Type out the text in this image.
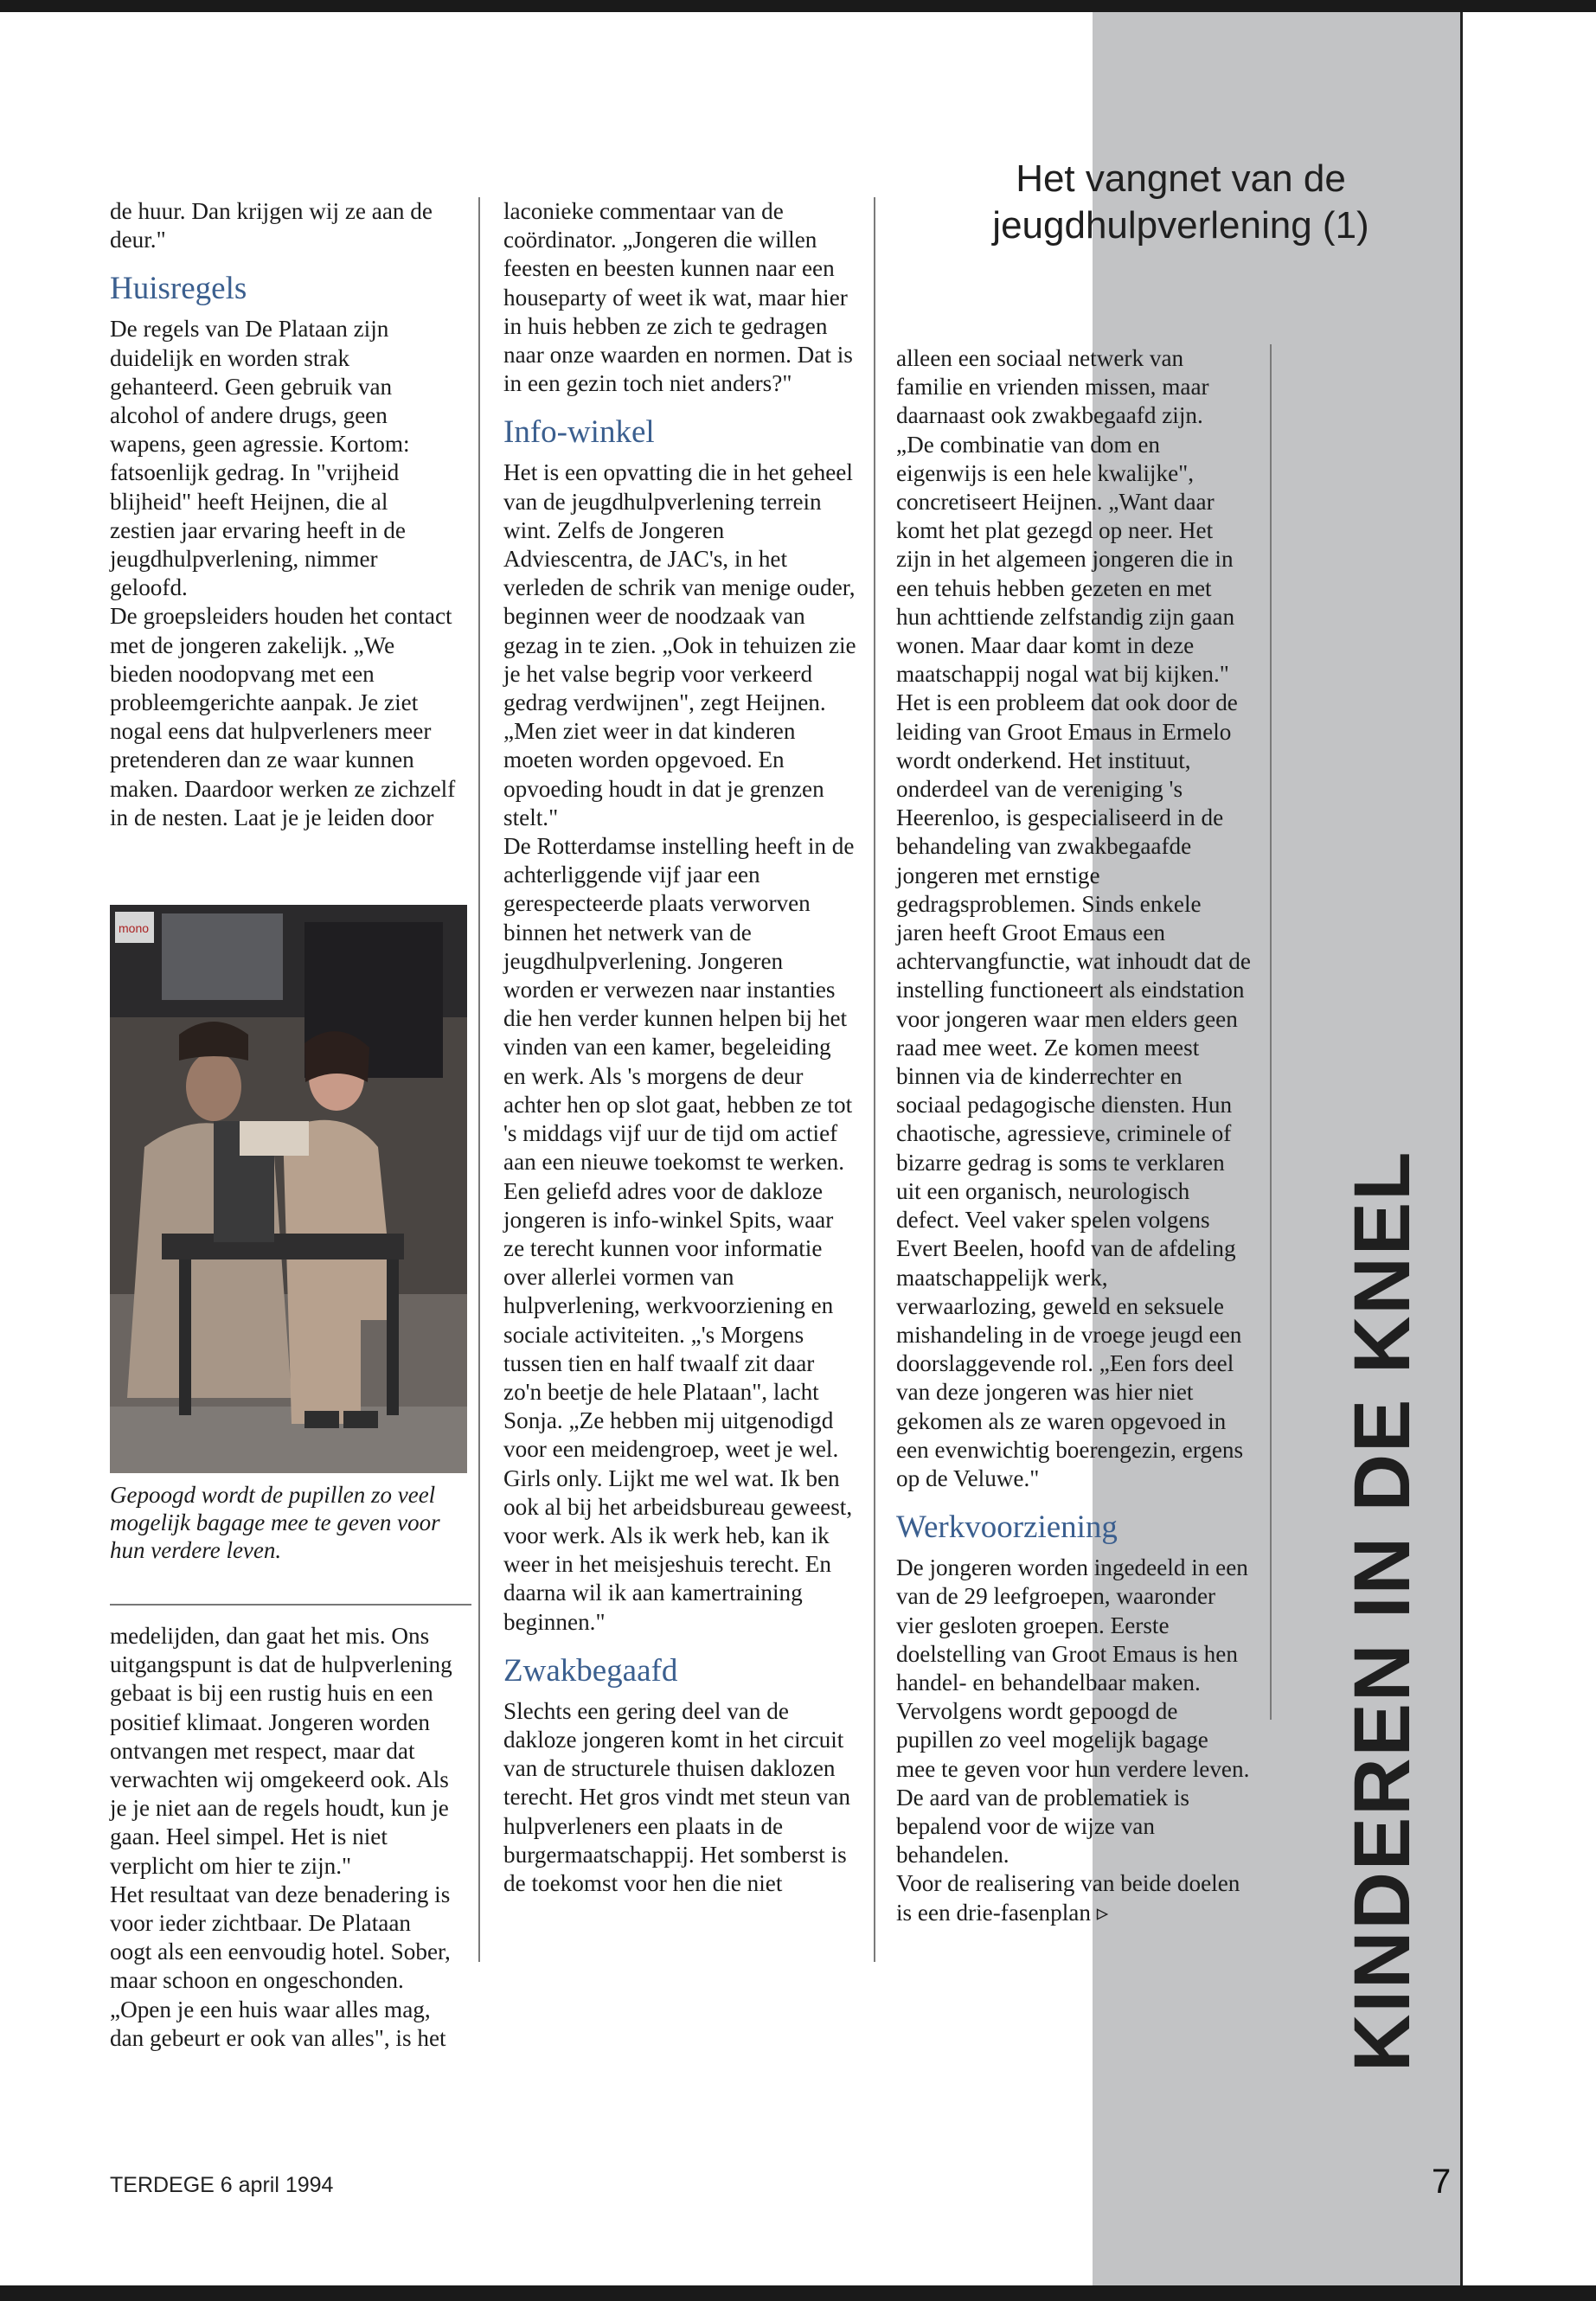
Het vangnet van de
jeugdhulpverlening (1)

de huur. Dan krijgen wij ze aan de deur."

Huisregels

De regels van De Plataan zijn duidelijk en worden strak gehanteerd. Geen gebruik van alcohol of andere drugs, geen wapens, geen agressie. Kortom: fatsoenlijk gedrag. In "vrijheid blijheid" heeft Heijnen, die al zestien jaar ervaring heeft in de jeugdhulpverlening, nimmer geloofd.

De groepsleiders houden het contact met de jongeren zakelijk. „We bieden noodopvang met een probleemgerichte aanpak. Je ziet nogal eens dat hulpverleners meer pretenderen dan ze waar kunnen maken. Daardoor werken ze zichzelf in de nesten. Laat je je leiden door

mono
Gepoogd wordt de pupillen zo veel mogelijk bagage mee te geven voor hun verdere leven.

medelijden, dan gaat het mis. Ons uitgangspunt is dat de hulpverlening gebaat is bij een rustig huis en een positief klimaat. Jongeren worden ontvangen met respect, maar dat verwachten wij omgekeerd ook. Als je je niet aan de regels houdt, kun je gaan. Heel simpel. Het is niet verplicht om hier te zijn."

Het resultaat van deze benadering is voor ieder zichtbaar. De Plataan oogt als een eenvoudig hotel. Sober, maar schoon en ongeschonden. „Open je een huis waar alles mag, dan gebeurt er ook van alles", is het

laconieke commentaar van de coördinator. „Jongeren die willen feesten en beesten kunnen naar een houseparty of weet ik wat, maar hier in huis hebben ze zich te gedragen naar onze waarden en normen. Dat is in een gezin toch niet anders?"

Info-winkel

Het is een opvatting die in het geheel van de jeugdhulpverlening terrein wint. Zelfs de Jongeren Adviescentra, de JAC's, in het verleden de schrik van menige ouder, beginnen weer de noodzaak van gezag in te zien. „Ook in tehuizen zie je het valse begrip voor verkeerd gedrag verdwijnen", zegt Heijnen. „Men ziet weer in dat kinderen moeten worden opgevoed. En opvoeding houdt in dat je grenzen stelt."

De Rotterdamse instelling heeft in de achterliggende vijf jaar een gerespecteerde plaats verworven binnen het netwerk van de jeugdhulpverlening. Jongeren worden er verwezen naar instanties die hen verder kunnen helpen bij het vinden van een kamer, begeleiding en werk. Als 's morgens de deur achter hen op slot gaat, hebben ze tot 's middags vijf uur de tijd om actief aan een nieuwe toekomst te werken.

Een geliefd adres voor de dakloze jongeren is info-winkel Spits, waar ze terecht kunnen voor informatie over allerlei vormen van hulpverlening, werkvoorziening en sociale activiteiten. „'s Morgens tussen tien en half twaalf zit daar zo'n beetje de hele Plataan", lacht Sonja. „Ze hebben mij uitgenodigd voor een meidengroep, weet je wel. Girls only. Lijkt me wel wat. Ik ben ook al bij het arbeidsbureau geweest, voor werk. Als ik werk heb, kan ik weer in het meisjeshuis terecht. En daarna wil ik aan kamertraining beginnen."

Zwakbegaafd

Slechts een gering deel van de dakloze jongeren komt in het circuit van de structurele thuisen daklozen terecht. Het gros vindt met steun van hulpverleners een plaats in de burgermaatschappij. Het somberst is de toekomst voor hen die niet

alleen een sociaal netwerk van familie en vrienden missen, maar daarnaast ook zwakbegaafd zijn.

„De combinatie van dom en eigenwijs is een hele kwalijke", concretiseert Heijnen. „Want daar komt het plat gezegd op neer. Het zijn in het algemeen jongeren die in een tehuis hebben gezeten en met hun achttiende zelfstandig zijn gaan wonen. Maar daar komt in deze maatschappij nogal wat bij kijken."

Het is een probleem dat ook door de leiding van Groot Emaus in Ermelo wordt onderkend. Het instituut, onderdeel van de vereniging 's Heerenloo, is gespecialiseerd in de behandeling van zwakbegaafde jongeren met ernstige gedragsproblemen. Sinds enkele jaren heeft Groot Emaus een achtervangfunctie, wat inhoudt dat de instelling functioneert als eindstation voor jongeren waar men elders geen raad mee weet. Ze komen meest binnen via de kinderrechter en sociaal pedagogische diensten. Hun chaotische, agressieve, criminele of bizarre gedrag is soms te verklaren uit een organisch, neurologisch defect. Veel vaker spelen volgens Evert Beelen, hoofd van de afdeling maatschappelijk werk, verwaarlozing, geweld en seksuele mishandeling in de vroege jeugd een doorslaggevende rol. „Een fors deel van deze jongeren was hier niet gekomen als ze waren opgevoed in een evenwichtig boerengezin, ergens op de Veluwe."

Werkvoorziening

De jongeren worden ingedeeld in een van de 29 leefgroepen, waaronder vier gesloten groepen. Eerste doelstelling van Groot Emaus is hen handel- en behandelbaar maken. Vervolgens wordt gepoogd de pupillen zo veel mogelijk bagage mee te geven voor hun verdere leven. De aard van de problematiek is bepalend voor de wijze van behandelen.

Voor de realisering van beide doelen is een drie-fasenplan ▹	KINDEREN IN DE KNEL
TERDEGE 6 april 1994	7
